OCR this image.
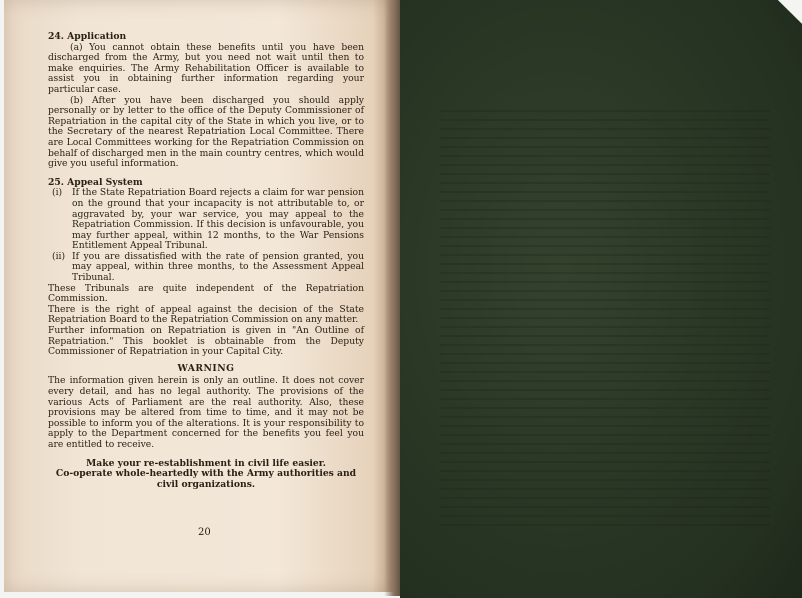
24. Application

(a) You cannot obtain these benefits until you have been discharged from the Army, but you need not wait until then to make enquiries. The Army Rehabilitation Officer is available to assist you in obtaining further information regarding your particular case.

(b) After you have been discharged you should apply personally or by letter to the office of the Deputy Commissioner of Repatriation in the capital city of the State in which you live, or to the Secretary of the nearest Repatriation Local Committee. There are Local Committees working for the Repatriation Commission on behalf of discharged men in the main country centres, which would give you useful information.

25. Appeal System

(i)	If the State Repatriation Board rejects a claim for war pension on the ground that your incapacity is not attributable to, or aggravated by, your war service, you may appeal to the Repatriation Commission. If this decision is unfavourable, you may further appeal, within 12 months, to the War Pensions Entitlement Appeal Tribunal.
(ii) If you are dissatisfied with the rate of pension granted, you may appeal, within three months, to the Assessment Appeal Tribunal.

These Tribunals are quite independent of the Repatriation Commission.

There is the right of appeal against the decision of the State Repatriation Board to the Repatriation Commission on any matter.

Further information on Repatriation is given in "An Outline of Repatriation." This booklet is obtainable from the Deputy Commissioner of Repatriation in your Capital City.

WARNING

The information given herein is only an outline. It does not cover every detail, and has no legal authority. The provisions of the various Acts of Parliament are the real authority. Also, these provisions may be altered from time to time, and it may not be possible to inform you of the alterations. It is your responsibility to apply to the Department concerned for the benefits you feel you are entitled to receive.

Make your re-establishment in civil life easier.

Co-operate whole-heartedly with the Army authorities and civil organizations.

20
